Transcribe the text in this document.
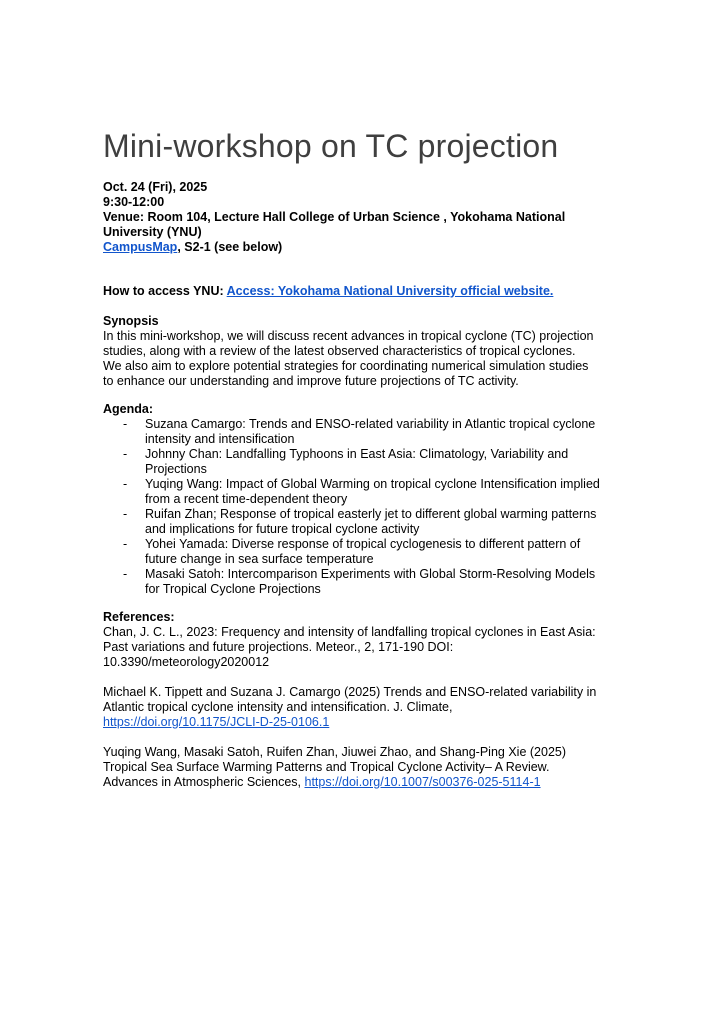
Mini-workshop on TC projection
Oct. 24 (Fri), 2025
9:30-12:00
Venue: Room 104, Lecture Hall College of Urban Science , Yokohama National
University (YNU)
CampusMap, S2-1 (see below)
How to access YNU: Access: Yokohama National University official website.
Synopsis
In this mini-workshop, we will discuss recent advances in tropical cyclone (TC) projection
studies, along with a review of the latest observed characteristics of tropical cyclones.
We also aim to explore potential strategies for coordinating numerical simulation studies
to enhance our understanding and improve future projections of TC activity.
Agenda:
-	Suzana Camargo: Trends and ENSO-related variability in Atlantic tropical cyclone
intensity and intensification
-	Johnny Chan: Landfalling Typhoons in East Asia: Climatology, Variability and
Projections
-	Yuqing Wang: Impact of Global Warming on tropical cyclone Intensification implied
from a recent time-dependent theory
-	Ruifan Zhan; Response of tropical easterly jet to different global warming patterns
and implications for future tropical cyclone activity
-	Yohei Yamada: Diverse response of tropical cyclogenesis to different pattern of
future change in sea surface temperature
-	Masaki Satoh: Intercomparison Experiments with Global Storm-Resolving Models
for Tropical Cyclone Projections
References:
Chan, J. C. L., 2023: Frequency and intensity of landfalling tropical cyclones in East Asia:
Past variations and future projections. Meteor., 2, 171-190 DOI:
10.3390/meteorology2020012
Michael K. Tippett and Suzana J. Camargo (2025) Trends and ENSO-related variability in
Atlantic tropical cyclone intensity and intensification. J. Climate,
https://doi.org/10.1175/JCLI-D-25-0106.1
Yuqing Wang, Masaki Satoh, Ruifen Zhan, Jiuwei Zhao, and Shang-Ping Xie (2025)
Tropical Sea Surface Warming Patterns and Tropical Cyclone Activity– A Review.
Advances in Atmospheric Sciences, https://doi.org/10.1007/s00376-025-5114-1
